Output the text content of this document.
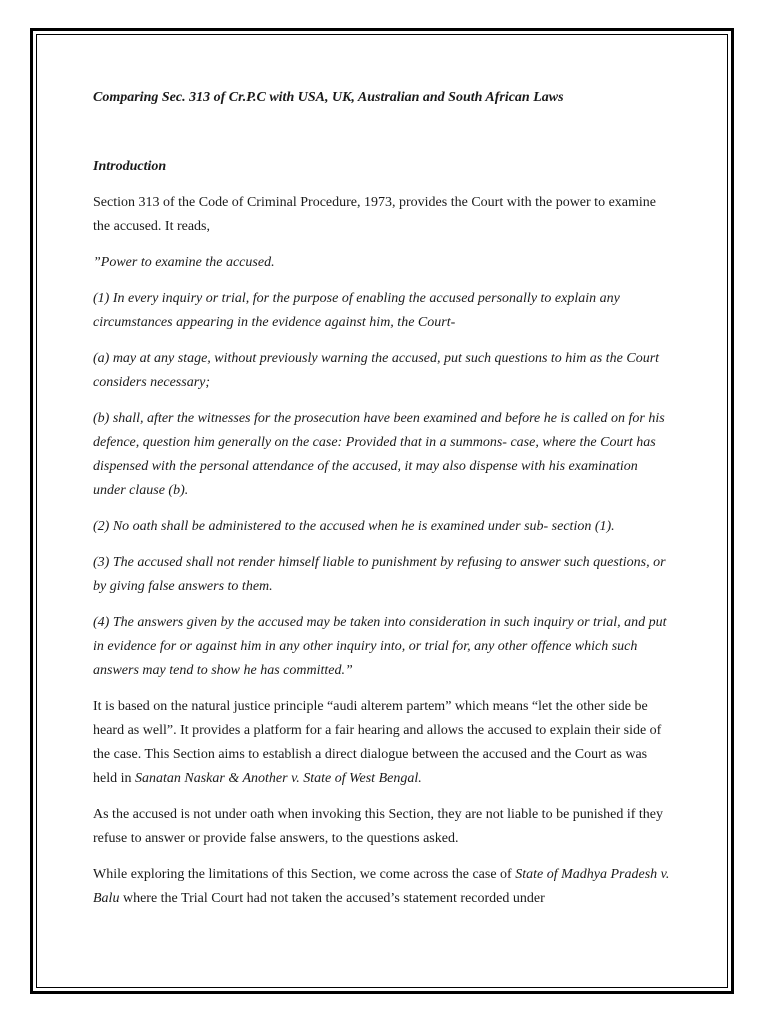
Comparing Sec. 313 of Cr.P.C with USA, UK, Australian and South African Laws

Introduction

Section 313 of the Code of Criminal Procedure, 1973, provides the Court with the power to examine the accused. It reads,

”Power to examine the accused.

(1) In every inquiry or trial, for the purpose of enabling the accused personally to explain any circumstances appearing in the evidence against him, the Court-

(a) may at any stage, without previously warning the accused, put such questions to him as the Court considers necessary;

(b) shall, after the witnesses for the prosecution have been examined and before he is called on for his defence, question him generally on the case: Provided that in a summons- case, where the Court has dispensed with the personal attendance of the accused, it may also dispense with his examination under clause (b).

(2) No oath shall be administered to the accused when he is examined under sub- section (1).

(3) The accused shall not render himself liable to punishment by refusing to answer such questions, or by giving false answers to them.

(4) The answers given by the accused may be taken into consideration in such inquiry or trial, and put in evidence for or against him in any other inquiry into, or trial for, any other offence which such answers may tend to show he has committed.”

It is based on the natural justice principle “audi alterem partem” which means “let the other side be heard as well”. It provides a platform for a fair hearing and allows the accused to explain their side of the case. This Section aims to establish a direct dialogue between the accused and the Court as was held in Sanatan Naskar & Another v. State of West Bengal.

As the accused is not under oath when invoking this Section, they are not liable to be punished if they refuse to answer or provide false answers, to the questions asked.

While exploring the limitations of this Section, we come across the case of State of Madhya Pradesh v. Balu where the Trial Court had not taken the accused’s statement recorded under
